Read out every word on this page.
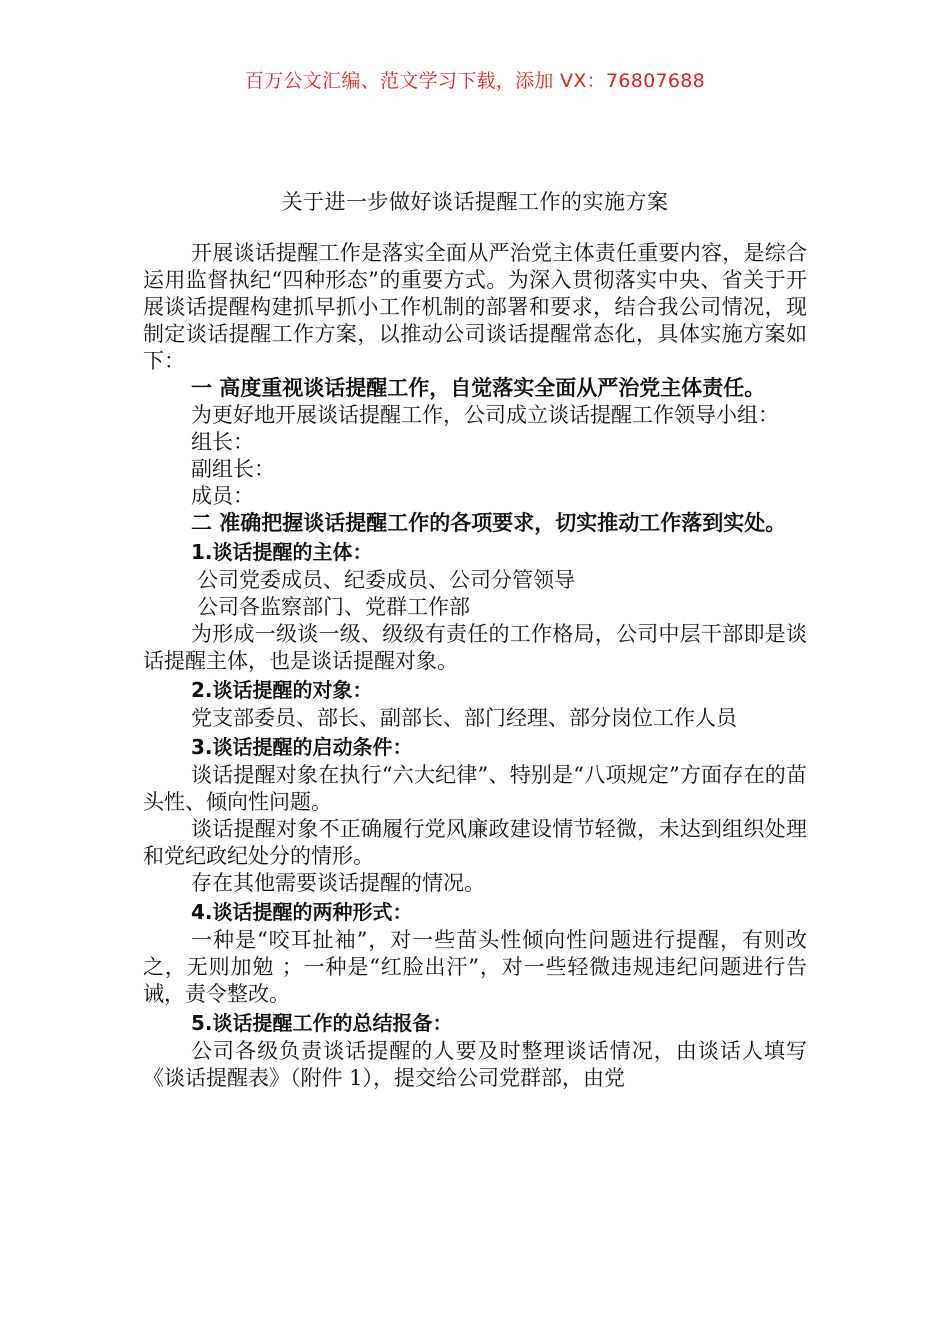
百万公文汇编、范文学习下载，添加 VX：76807688
关于进一步做好谈话提醒工作的实施方案

开展谈话提醒工作是落实全面从严治党主体责任重要内容，是综合运用监督执纪“四种形态”的重要方式。为深入贯彻落实中央、省关于开展谈话提醒构建抓早抓小工作机制的部署和要求，结合我公司情况，现制定谈话提醒工作方案，以推动公司谈话提醒常态化，具体实施方案如下：

一 高度重视谈话提醒工作，自觉落实全面从严治党主体责任。

为更好地开展谈话提醒工作，公司成立谈话提醒工作领导小组：

组长：

副组长：

成员：

二 准确把握谈话提醒工作的各项要求，切实推动工作落到实处。

1.谈话提醒的主体：

公司党委成员、纪委成员、公司分管领导

公司各监察部门、党群工作部

为形成一级谈一级、级级有责任的工作格局，公司中层干部即是谈话提醒主体，也是谈话提醒对象。

2.谈话提醒的对象：

党支部委员、部长、副部长、部门经理、部分岗位工作人员

3.谈话提醒的启动条件：

谈话提醒对象在执行“六大纪律”、特别是“八项规定”方面存在的苗头性、倾向性问题。

谈话提醒对象不正确履行党风廉政建设情节轻微，未达到组织处理和党纪政纪处分的情形。

存在其他需要谈话提醒的情况。

4.谈话提醒的两种形式：

一种是“咬耳扯袖”，对一些苗头性倾向性问题进行提醒，有则改之，无则加勉 ；一种是“红脸出汗”，对一些轻微违规违纪问题进行告诫，责令整改。

5.谈话提醒工作的总结报备：

公司各级负责谈话提醒的人要及时整理谈话情况，由谈话人填写《谈话提醒表》（附件 1），提交给公司党群部，由党
